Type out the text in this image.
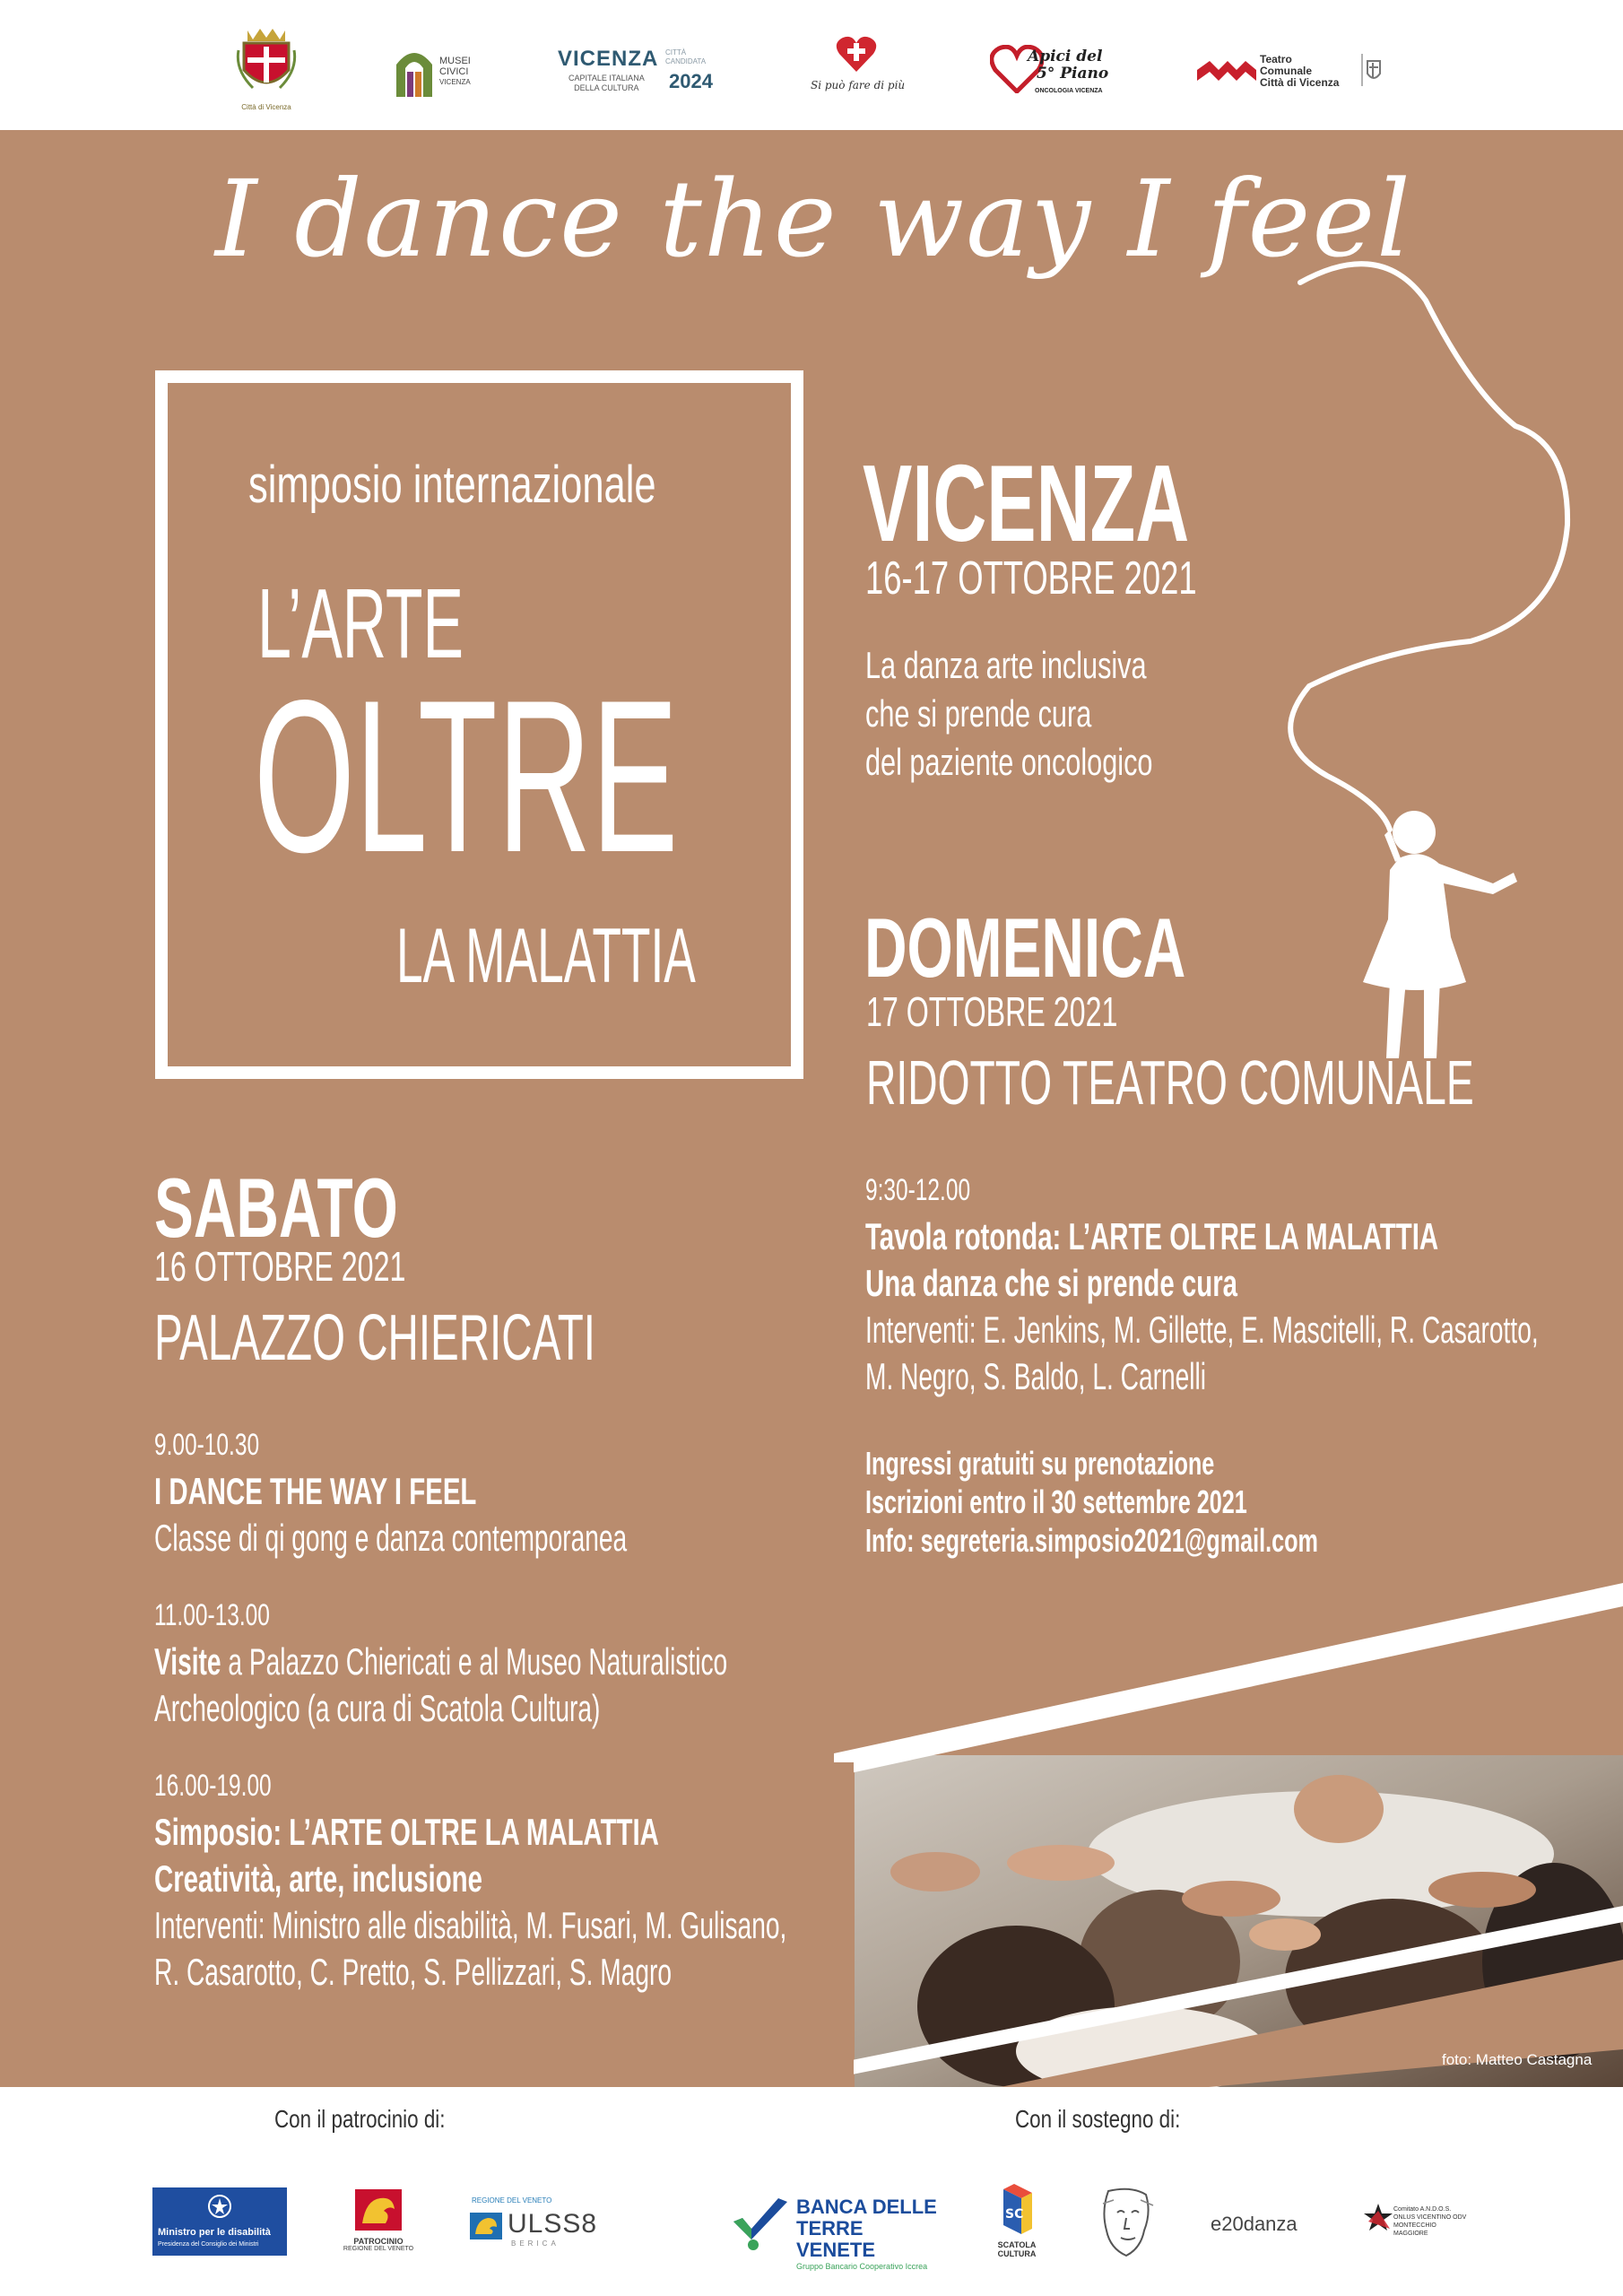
Città di Vicenza
MUSEI
CIVICI
VICENZA
VICENZA CITTÀ
CANDIDATA
CAPITALE ITALIANA
DELLA CULTURA 2024	Si può fare di più
Apici del
5° Piano
ONCOLOGIA VICENZA
Teatro
Comunale
Città di Vicenza
I dance the way I feel
simposio internazionale
L’ARTE
OLTRE
LA MALATTIA
VICENZA
16-17 OTTOBRE 2021
La danza arte inclusiva
che si prende cura
del paziente oncologico
DOMENICA
17 OTTOBRE 2021
RIDOTTO TEATRO COMUNALE
9:30-12.00
Tavola rotonda: L’ARTE OLTRE LA MALATTIA
Una danza che si prende cura
Interventi: E. Jenkins, M. Gillette, E. Mascitelli, R. Casarotto,
M. Negro, S. Baldo, L. Carnelli
Ingressi gratuiti su prenotazione
Iscrizioni entro il 30 settembre 2021
Info: segreteria.simposio2021@gmail.com
SABATO
16 OTTOBRE 2021
PALAZZO CHIERICATI
9.00-10.30
I DANCE THE WAY I FEEL
Classe di qi gong e danza contemporanea
11.00-13.00
Visite a Palazzo Chiericati e al Museo Naturalistico
Archeologico (a cura di Scatola Cultura)
16.00-19.00
Simposio: L’ARTE OLTRE LA MALATTIA
Creatività, arte, inclusione
Interventi: Ministro alle disabilità, M. Fusari, M. Gulisano,
R. Casarotto, C. Pretto, S. Pellizzari, S. Magro
foto: Matteo Castagna
Con il patrocinio di:	Con il sostegno di:
Ministro per le disabilità
Presidenza del Consiglio dei Ministri	PATROCINIO
REGIONE DEL VENETO
REGIONE DEL VENETO
ULSS8
BERICA
BANCA DELLE
TERRE VENETE
Gruppo Bancario Cooperativo Iccrea
SC
SCATOLA
CULTURA
e20danza
Comitato A.N.D.O.S.
ONLUS VICENTINO ODV
MONTECCHIO MAGGIORE
